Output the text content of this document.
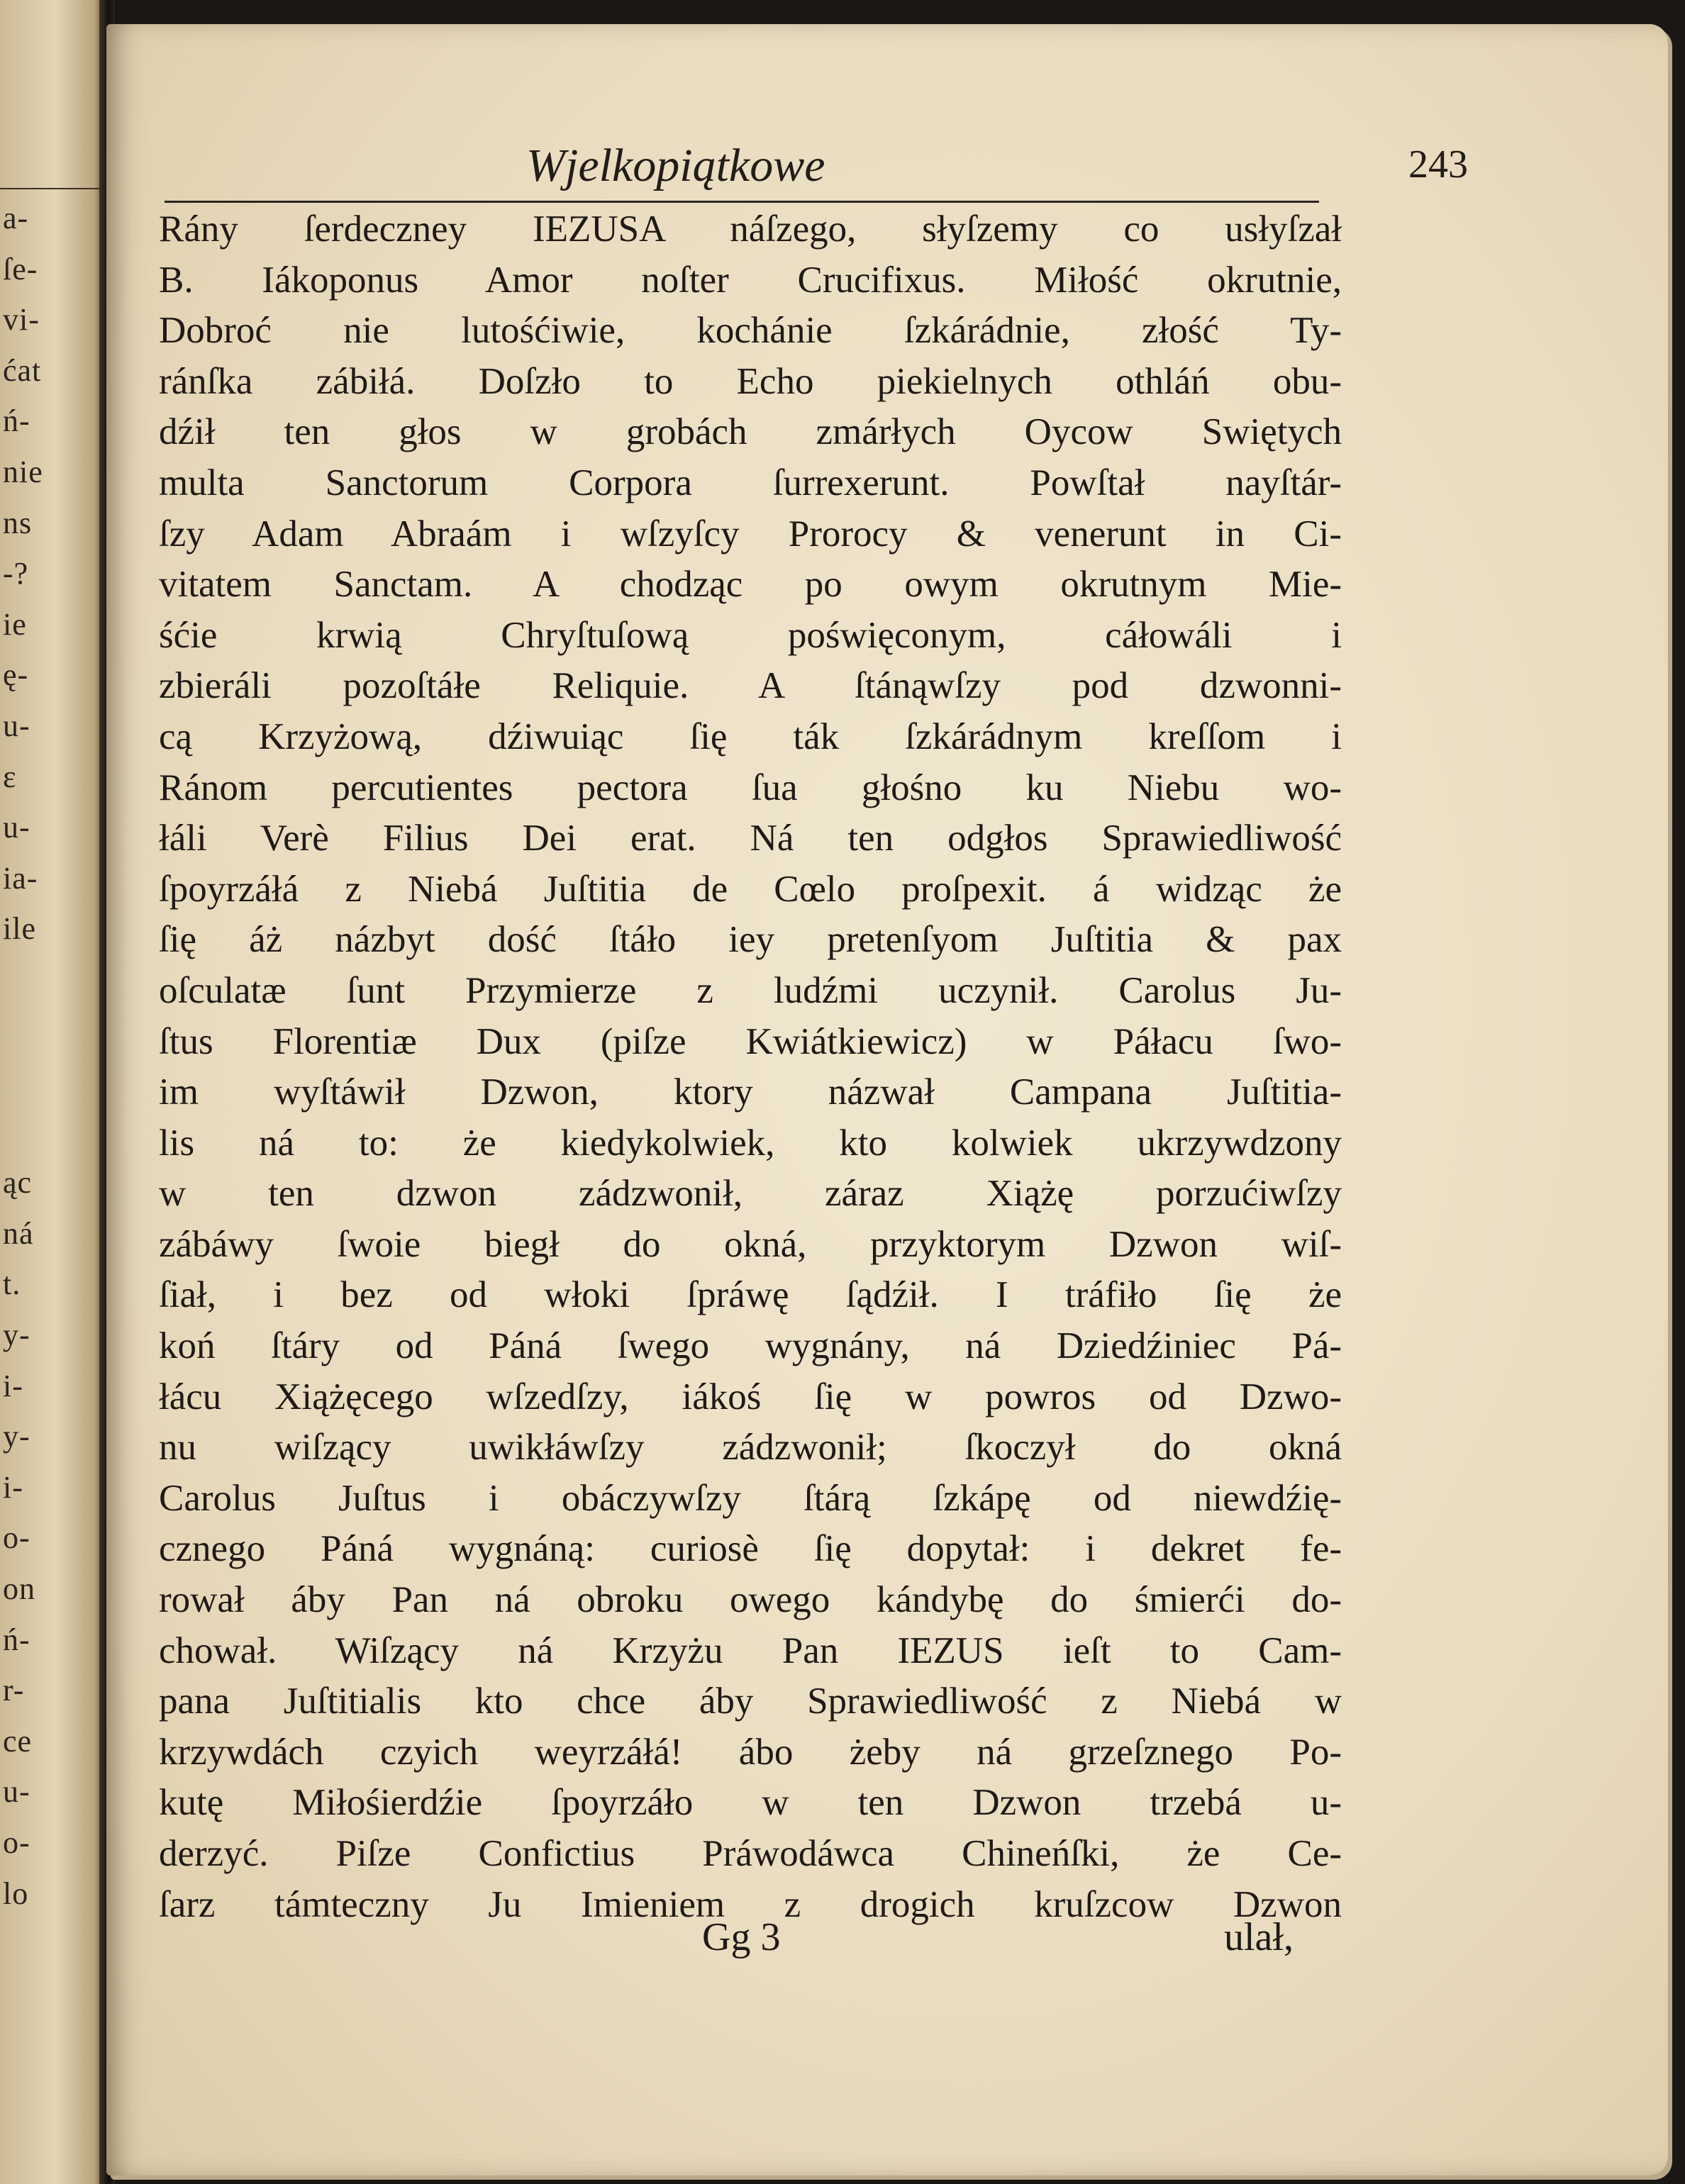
a-
ſe-
vi-
ćat
ń-
nie
ns
-?
ie
ę-
u-
ɛ
u-
ia-
ile

ąc
ná
t.
y-
i-
y-
i-
o-
on
ń-
r-
ce
u-
o-
lo
Wjelkopiątkowe	243
Rány ſerdeczney IEZUSA náſzego, słyſzemy co usłyſzał
B. Iákoponus Amor noſter Crucifixus. Miłość okrutnie,
Dobroć nie lutośćiwie, kochánie ſzkárádnie, złość Ty-
ránſka zábiłá. Doſzło to Echo piekielnych othláń obu-
dźił ten głos w grobách zmárłych Oycow Swiętych
multa Sanctorum Corpora ſurrexerunt. Powſtał nayſtár-
ſzy Adam Abraám i wſzyſcy Prorocy & venerunt in Ci-
vitatem Sanctam. A chodząc po owym okrutnym Mie-
śćie krwią Chryſtuſową poświęconym, cáłowáli i
zbieráli pozoſtáłe Reliquie. A ſtánąwſzy pod dzwonni-
cą Krzyżową, dźiwuiąc ſię ták ſzkárádnym kreſſom i
Ránom percutientes pectora ſua głośno ku Niebu wo-
łáli Verè Filius Dei erat. Ná ten odgłos Sprawiedliwość
ſpoyrzáłá z Niebá Juſtitia de Cœlo proſpexit. á widząc że
ſię áż názbyt dość ſtáło iey pretenſyom Juſtitia & pax
oſculatæ ſunt Przymierze z ludźmi uczynił. Carolus Ju-
ſtus Florentiæ Dux (piſze Kwiátkiewicz) w Páłacu ſwo-
im wyſtáwił Dzwon, ktory názwał Campana Juſtitia-
lis ná to: że kiedykolwiek, kto kolwiek ukrzywdzony
w ten dzwon zádzwonił, záraz Xiążę porzućiwſzy
zábáwy ſwoie biegł do okná, przyktorym Dzwon wiſ-
ſiał, i bez od włoki ſpráwę ſądźił. I tráfiło ſię że
koń ſtáry od Páná ſwego wygnány, ná Dziedźiniec Pá-
łácu Xiążęcego wſzedſzy, iákoś ſię w powros od Dzwo-
nu wiſzący uwikłáwſzy zádzwonił; ſkoczył do okná
Carolus Juſtus i obáczywſzy ſtárą ſzkápę od niewdźię-
cznego Páná wygnáną: curiosè ſię dopytał: i dekret fe-
rował áby Pan ná obroku owego kándybę do śmierći do-
chował. Wiſzący ná Krzyżu Pan IEZUS ieſt to Cam-
pana Juſtitialis kto chce áby Sprawiedliwość z Niebá w
krzywdách czyich weyrzáłá! ábo żeby ná grzeſznego Po-
kutę Miłośierdźie ſpoyrzáło w ten Dzwon trzebá u-
derzyć. Piſze Confictius Práwodáwca Chineńſki, że Ce-
ſarz támteczny Ju Imieniem z drogich kruſzcow Dzwon
Gg 3	ulał,
